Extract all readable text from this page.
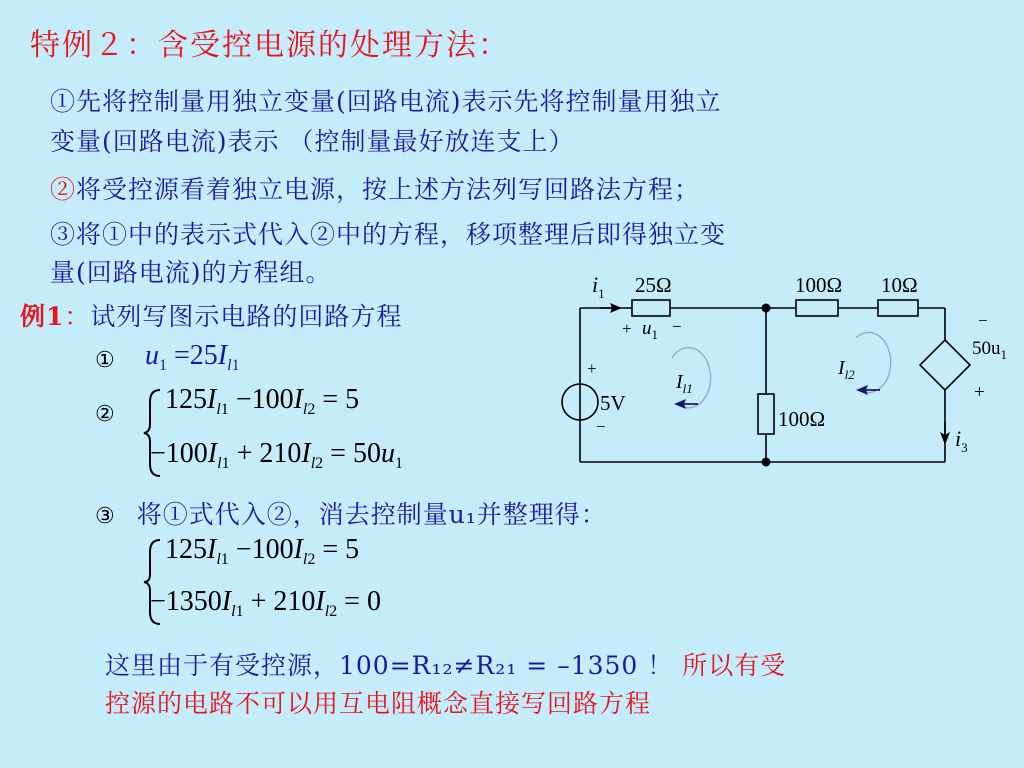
特例２：含受控电源的处理方法：
①先将控制量用独立变量(回路电流)表示先将控制量用独立
变量(回路电流)表示 （控制量最好放连支上）
②将受控源看着独立电源，按上述方法列写回路法方程；
③将①中的表示式代入②中的方程，移项整理后即得独立变
量(回路电流)的方程组。
例1：试列写图示电路的回路方程
① $u_1 =25I_{l1}$
② $125I_{l1} -100I_{l2} = 5$
$-100I_{l1} + 210I_{l2} = 50u_1$
③ 将①式代入②，消去控制量u₁并整理得：
$125I_{l1} -100I_{l2} = 5$
$-1350I_{l1} + 210I_{l2} = 0$
这里由于有受控源，100=R₁₂≠R₂₁ = –1350 ！ 所以有受
控源的电路不可以用互电阻概念直接写回路方程
$i_1$ 25Ω	100Ω 10Ω
+ $u_1$ −
+
5V
−
$I_{l1}$
$I_{l2}$
100Ω
−
$50u_1$
+
$i_3$
